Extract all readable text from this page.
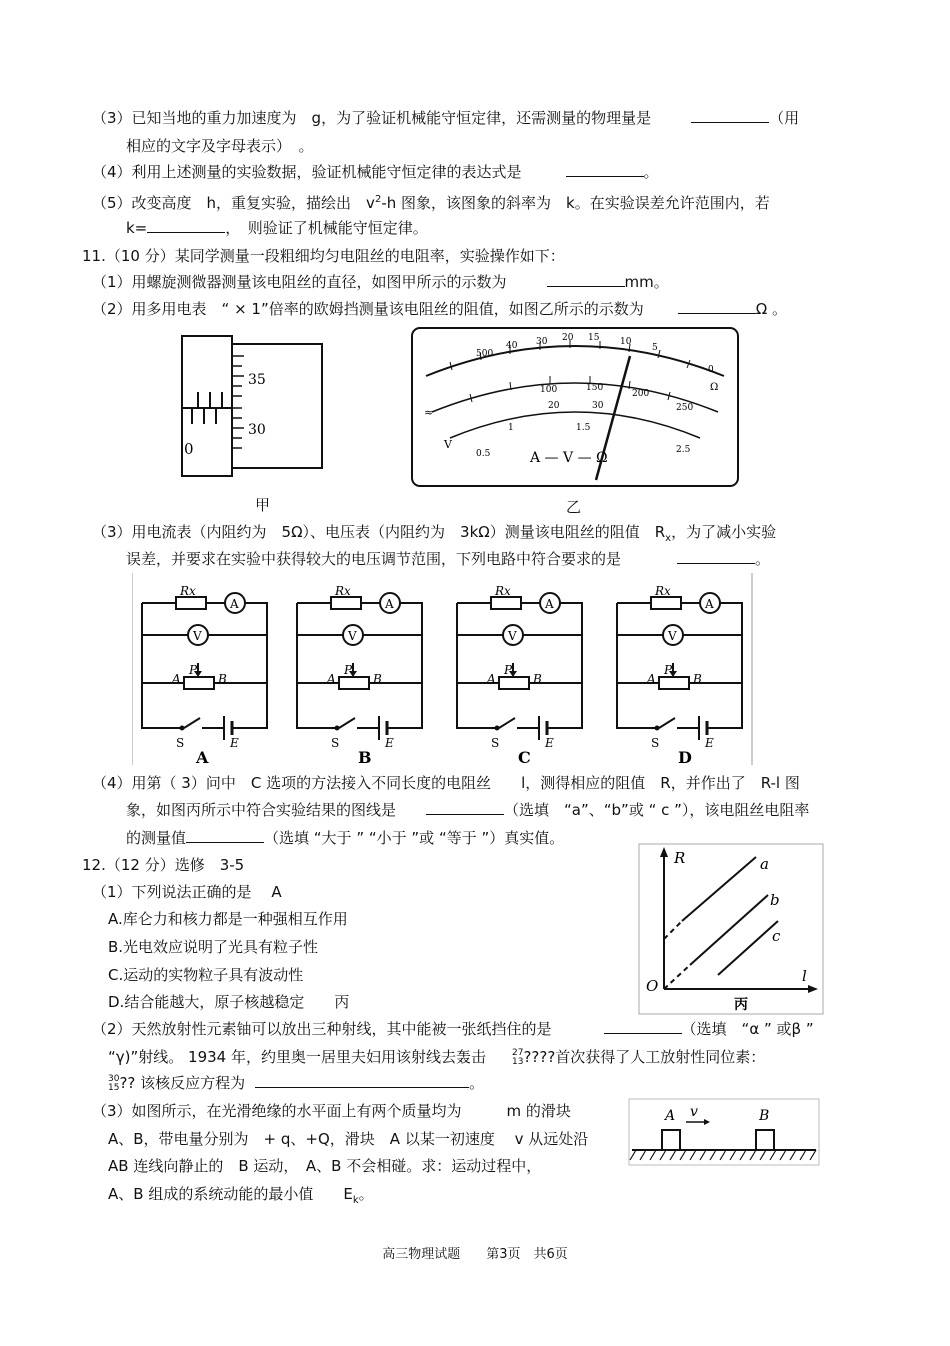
（3）已知当地的重力加速度为　g，为了验证机械能守恒定律，还需测量的物理量是	（用
相应的文字及字母表示）　。
（4）利用上述测量的实验数据，验证机械能守恒定律的表达式是	。
（5）改变高度　h，重复实验，描绘出　$v^2-h$ 图象，该图象的斜率为　k。在实验误差允许范围内，若
k=	，　则验证了机械能守恒定律。
11.（10 分）某同学测量一段粗细均匀电阻丝的电阻率，实验操作如下：
（1）用螺旋测微器测量该电阻丝的直径，如图甲所示的示数为	mm。
（2）用多用电表　“ × 1”倍率的欧姆挡测量该电阻丝的阻值，如图乙所示的示数为	Ω 。
35
30
0
500
40 30 20 15 10
5
0
100	150
200
250
20	30
1	1.5
0.5	2.5
Ω
≈
V
A — V — Ω
甲	乙
（3）用电流表（内阻约为　5Ω）、电压表（内阻约为　3kΩ）测量该电阻丝的阻值　$R_x$，为了减小实验
误差，并要求在实验中获得较大的电压调节范围，下列电路中符合要求的是	。
A
V
A
P
B
Rx
S	E
A	B	C	D
（4）用第（ 3）问中　C 选项的方法接入不同长度的电阻丝　　l，测得相应的阻值　R，并作出了　R-l 图
象，如图丙所示中符合实验结果的图线是	（选填　“a”、“b”或 “ c ”），该电阻丝电阻率
的测量值	（选填 “大于 ” “小于 ”或 “等于 ”）真实值。
R
l
O
a
b
c
丙
12.（12 分）选修　3-5
（1）下列说法正确的是　 A
A.库仑力和核力都是一种强相互作用
B.光电效应说明了光具有粒子性
C.运动的实物粒子具有波动性
D.结合能越大，原子核越稳定　　丙
（2）天然放射性元素铀可以放出三种射线，其中能被一张纸挡住的是	（选填　“α ” 或β ”
“γ)”射线。 1934 年，约里奥一居里夫妇用该射线去轰击	27
13????首次获得了人工放射性同位素：
30
15?? 该核反应方程为	。
（3）如图所示，在光滑绝缘的水平面上有两个质量均为　　　m 的滑块
A、B，带电量分别为　+ q、+Q，滑块　A 以某一初速度　 v 从远处沿
AB 连线向静止的　B 运动，　A、B 不会相碰。求：运动过程中，
A、B 组成的系统动能的最小值　　$E_k$。
A v	B
高三物理试题　　第3页　共6页
